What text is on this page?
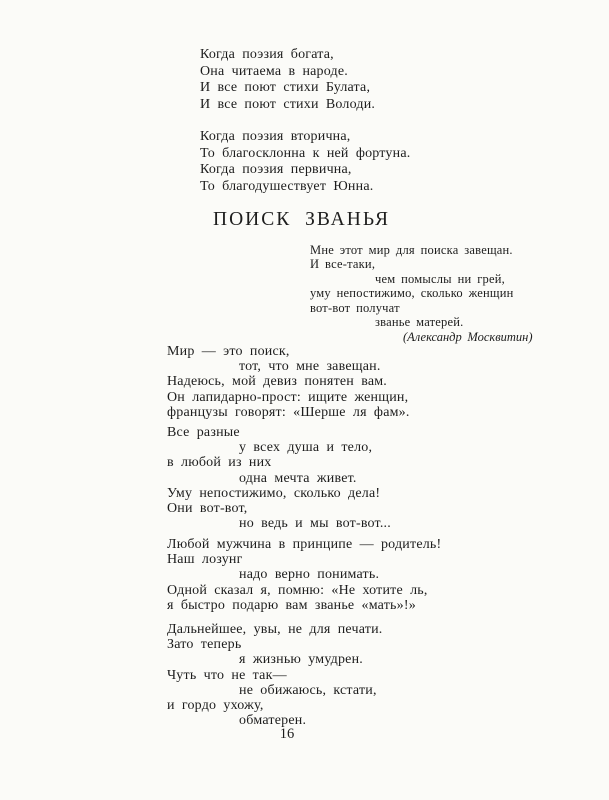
Когда поэзия богата,
Она читаема в народе.
И все поют стихи Булата,
И все поют стихи Володи.
Когда поэзия вторична,
То благосклонна к ней фортуна.
Когда поэзия первична,
То благодушествует Юнна.
ПОИСК ЗВАНЬЯ
Мне этот мир для поиска завещан.
И все-таки,
чем помыслы ни грей,
уму непостижимо, сколько женщин
вот-вот получат
званье матерей.
(Александр Москвитин)
Мир — это поиск,
тот, что мне завещан.
Надеюсь, мой девиз понятен вам.
Он лапидарно-прост: ищите женщин,
французы говорят: «Шерше ля фам».
Все разные
у всех душа и тело,
в любой из них
одна мечта живет.
Уму непостижимо, сколько дела!
Они вот-вот,
но ведь и мы вот-вот...
Любой мужчина в принципе — родитель!
Наш лозунг
надо верно понимать.
Одной сказал я, помню: «Не хотите ль,
я быстро подарю вам званье «мать»!»
Дальнейшее, увы, не для печати.
Зато теперь
я жизнью умудрен.
Чуть что не так—
не обижаюсь, кстати,
и гордо ухожу,
обматерен.
16
